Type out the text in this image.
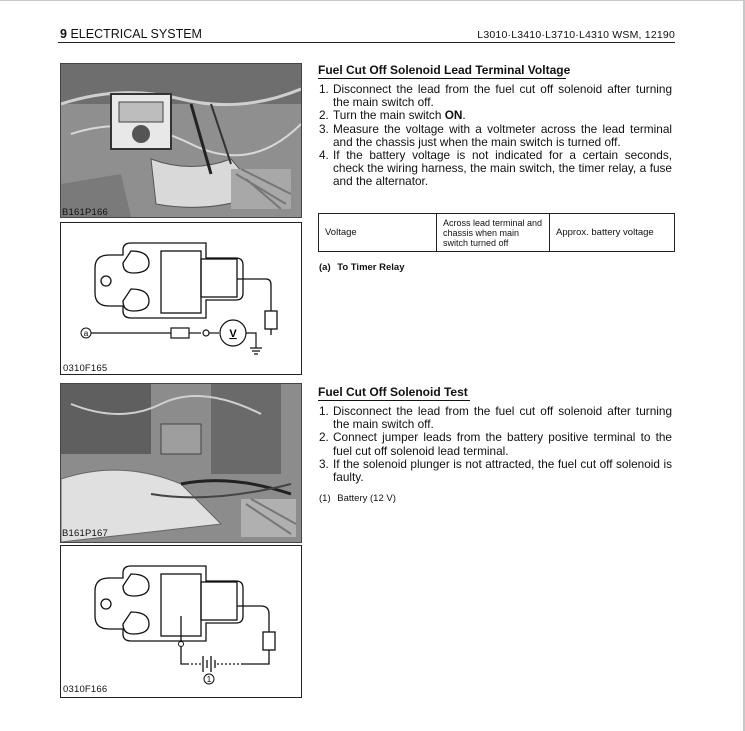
9 ELECTRICAL SYSTEM	L3010·L3410·L3710·L4310 WSM, 12190
B161P166
a	V
0310F165
B161P167
1
0310F166
Fuel Cut Off Solenoid Lead Terminal Voltage
1. Disconnect the lead from the fuel cut off solenoid after turning the main switch off.
2. Turn the main switch ON.
3. Measure the voltage with a voltmeter across the lead terminal and the chassis just when the main switch is turned off.
4. If the battery voltage is not indicated for a certain seconds, check the wiring harness, the main switch, the timer relay, a fuse and the alternator.
Voltage	Across lead terminal and chassis when main switch turned off	Approx. battery voltage
(a) To Timer Relay
Fuel Cut Off Solenoid Test
1. Disconnect the lead from the fuel cut off solenoid after turning the main switch off.
2. Connect jumper leads from the battery positive terminal to the fuel cut off solenoid lead terminal.
3. If the solenoid plunger is not attracted, the fuel cut off solenoid is faulty.
(1) Battery (12 V)
